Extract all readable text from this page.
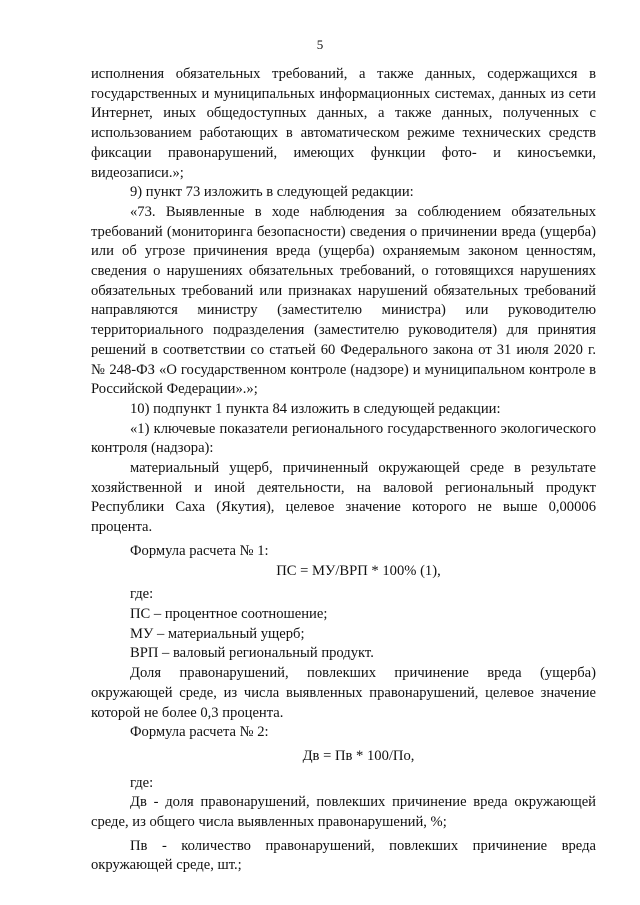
5

исполнения обязательных требований, а также данных, содержащихся в государственных и муниципальных информационных системах, данных из сети Интернет, иных общедоступных данных, а также данных, полученных с использованием работающих в автоматическом режиме технических средств фиксации правонарушений, имеющих функции фото- и киносъемки, видеозаписи.»;

9) пункт 73 изложить в следующей редакции:

«73. Выявленные в ходе наблюдения за соблюдением обязательных требований (мониторинга безопасности) сведения о причинении вреда (ущерба) или об угрозе причинения вреда (ущерба) охраняемым законом ценностям, сведения о нарушениях обязательных требований, о готовящихся нарушениях обязательных требований или признаках нарушений обязательных требований направляются министру (заместителю министра) или руководителю территориального подразделения (заместителю руководителя) для принятия решений в соответствии со статьей 60 Федерального закона от 31 июля 2020 г. № 248-ФЗ «О государственном контроле (надзоре) и муниципальном контроле в Российской Федерации».»;

10) подпункт 1 пункта 84 изложить в следующей редакции:

«1) ключевые показатели регионального государственного экологического контроля (надзора):

материальный ущерб, причиненный окружающей среде в результате хозяйственной и иной деятельности, на валовой региональный продукт Республики Саха (Якутия), целевое значение которого не выше 0,00006 процента.

Формула расчета № 1:

ПС = МУ/ВРП * 100% (1),

где:

ПС – процентное соотношение;

МУ – материальный ущерб;

ВРП – валовый региональный продукт.

Доля правонарушений, повлекших причинение вреда (ущерба) окружающей среде, из числа выявленных правонарушений, целевое значение которой не более 0,3 процента.

Формула расчета № 2:

Дв = Пв * 100/По,

где:

Дв - доля правонарушений, повлекших причинение вреда окружающей среде, из общего числа выявленных правонарушений, %;

Пв - количество правонарушений, повлекших причинение вреда окружающей среде, шт.;
